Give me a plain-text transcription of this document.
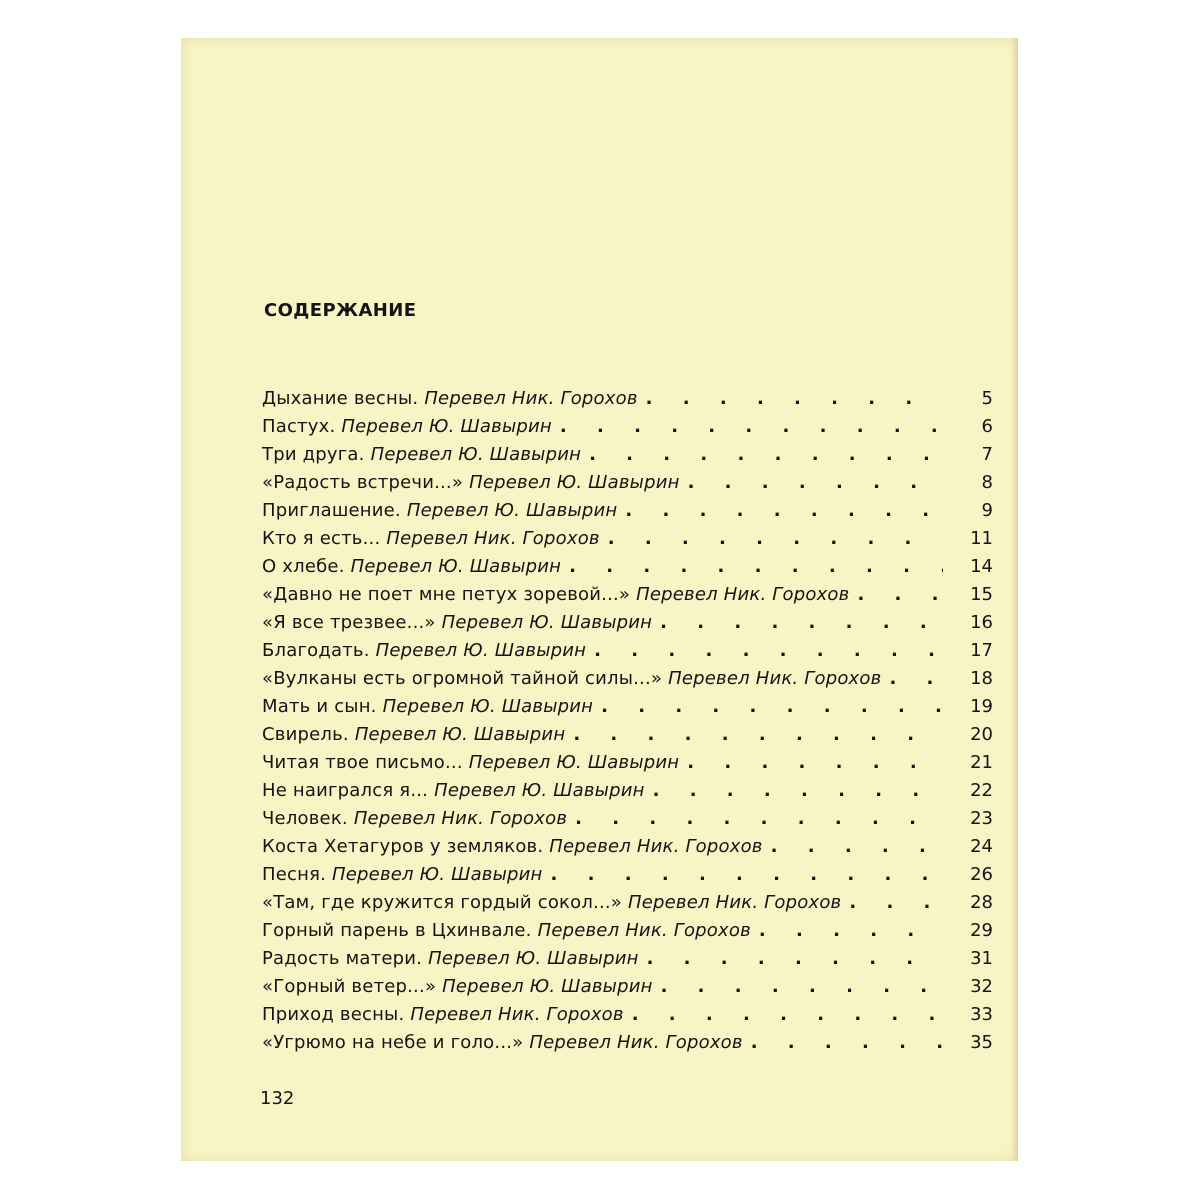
СОДЕРЖАНИЕ
Дыхание весны. Перевел Ник. Горохов . . .	5
Пастух. Перевел Ю. Шавырин . . .	6
Три друга. Перевел Ю. Шавырин . . .	7
«Радость встречи...» Перевел Ю. Шавырин . . .	8
Приглашение. Перевел Ю. Шавырин . . .	9
Кто я есть... Перевел Ник. Горохов . . .	11
О хлебе. Перевел Ю. Шавырин . . .	14
«Давно не поет мне петух зоревой...» Перевел Ник. Горохов . . .	15
«Я все трезвее...» Перевел Ю. Шавырин . . .	16
Благодать. Перевел Ю. Шавырин . . .	17
«Вулканы есть огромной тайной силы...» Перевел Ник. Горохов . . .	18
Мать и сын. Перевел Ю. Шавырин . . .	19
Свирель. Перевел Ю. Шавырин . . .	20
Читая твое письмо... Перевел Ю. Шавырин . . .	21
Не наигрался я... Перевел Ю. Шавырин . . .	22
Человек. Перевел Ник. Горохов . . .	23
Коста Хетагуров у земляков. Перевел Ник. Горохов . . .	24
Песня. Перевел Ю. Шавырин . . .	26
«Там, где кружится гордый сокол...» Перевел Ник. Горохов . . .	28
Горный парень в Цхинвале. Перевел Ник. Горохов . . .	29
Радость матери. Перевел Ю. Шавырин . . .	31
«Горный ветер...» Перевел Ю. Шавырин . . .	32
Приход весны. Перевел Ник. Горохов . . .	33
«Угрюмо на небе и голо...» Перевел Ник. Горохов . . .	35
132
